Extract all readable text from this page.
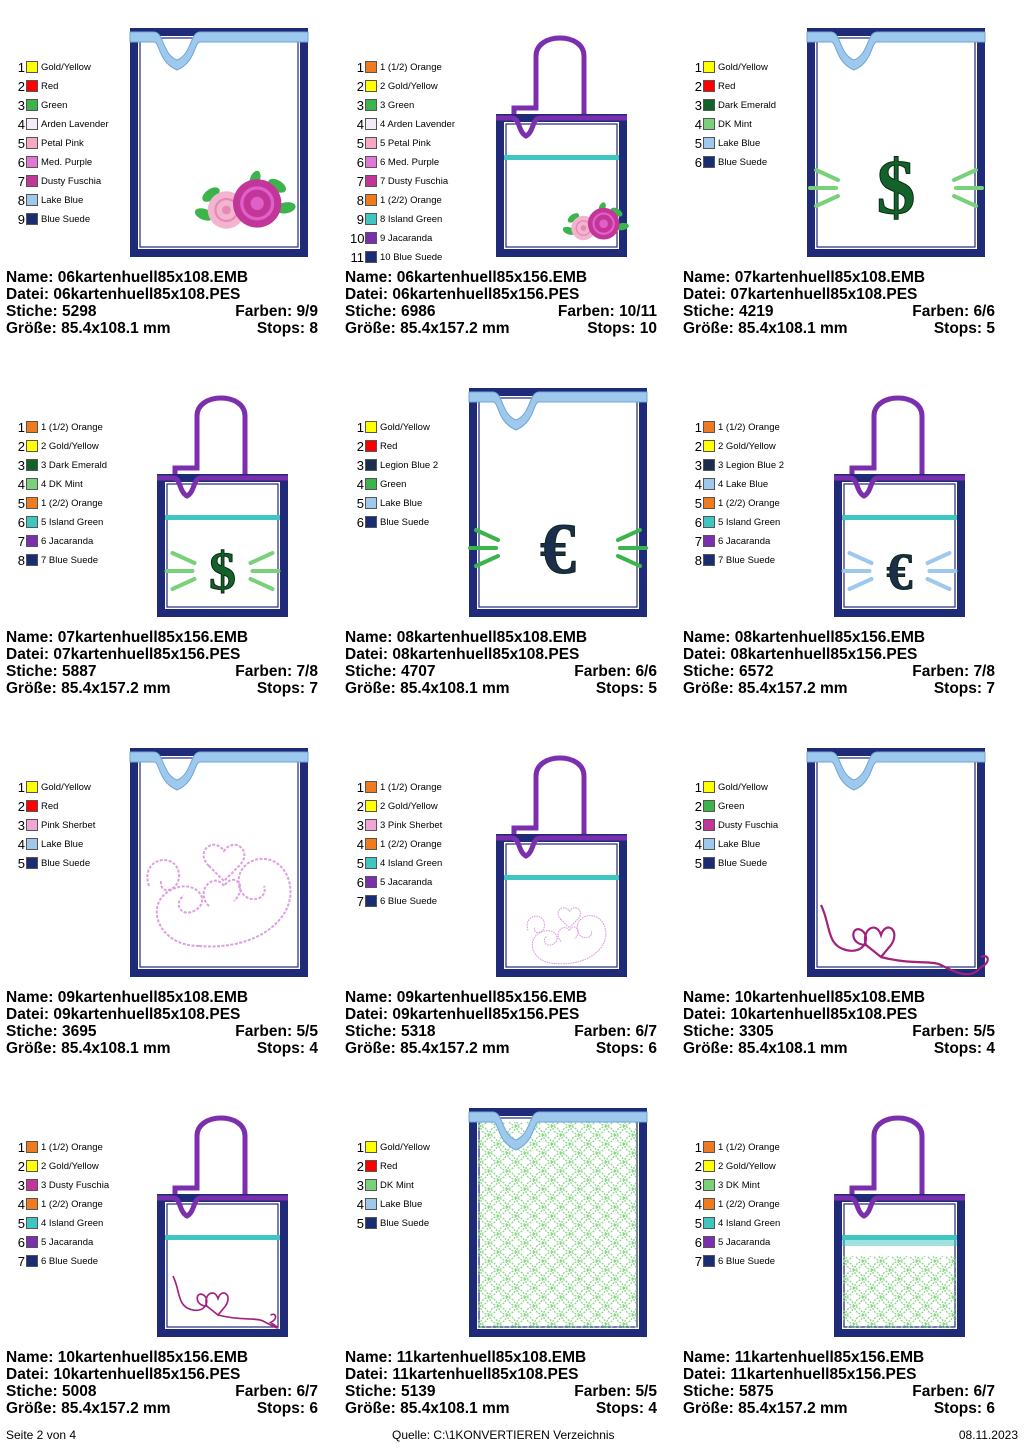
1 Gold/Yellow
2 Red
3 Green
4 Arden Lavender
5 Petal Pink
6 Med. Purple
7 Dusty Fuschia
8 Lake Blue
9 Blue Suede
Name: 06kartenhuell85x108.EMB
Datei: 06kartenhuell85x108.PES
Stiche: 5298	Farben: 9/9
Größe: 85.4x108.1 mm	Stops: 8
1 1 (1/2) Orange
2 2 Gold/Yellow
3 3 Green
4 4 Arden Lavender
5 5 Petal Pink
6 6 Med. Purple
7 7 Dusty Fuschia
8 1 (2/2) Orange
9 8 Island Green
10 9 Jacaranda
11 10 Blue Suede
Name: 06kartenhuell85x156.EMB
Datei: 06kartenhuell85x156.PES
Stiche: 6986	Farben: 10/11
Größe: 85.4x157.2 mm	Stops: 10
$
1 Gold/Yellow
2 Red
3 Dark Emerald
4 DK Mint
5 Lake Blue
6 Blue Suede
Name: 07kartenhuell85x108.EMB
Datei: 07kartenhuell85x108.PES
Stiche: 4219	Farben: 6/6
Größe: 85.4x108.1 mm	Stops: 5
$
1 1 (1/2) Orange
2 2 Gold/Yellow
3 3 Dark Emerald
4 4 DK Mint
5 1 (2/2) Orange
6 5 Island Green
7 6 Jacaranda
8 7 Blue Suede
Name: 07kartenhuell85x156.EMB
Datei: 07kartenhuell85x156.PES
Stiche: 5887	Farben: 7/8
Größe: 85.4x157.2 mm	Stops: 7
€
1 Gold/Yellow
2 Red
3 Legion Blue 2
4 Green
5 Lake Blue
6 Blue Suede
Name: 08kartenhuell85x108.EMB
Datei: 08kartenhuell85x108.PES
Stiche: 4707	Farben: 6/6
Größe: 85.4x108.1 mm	Stops: 5
€
1 1 (1/2) Orange
2 2 Gold/Yellow
3 3 Legion Blue 2
4 4 Lake Blue
5 1 (2/2) Orange
6 5 Island Green
7 6 Jacaranda
8 7 Blue Suede
Name: 08kartenhuell85x156.EMB
Datei: 08kartenhuell85x156.PES
Stiche: 6572	Farben: 7/8
Größe: 85.4x157.2 mm	Stops: 7
1 Gold/Yellow
2 Red
3 Pink Sherbet
4 Lake Blue
5 Blue Suede
Name: 09kartenhuell85x108.EMB
Datei: 09kartenhuell85x108.PES
Stiche: 3695	Farben: 5/5
Größe: 85.4x108.1 mm	Stops: 4
1 1 (1/2) Orange
2 2 Gold/Yellow
3 3 Pink Sherbet
4 1 (2/2) Orange
5 4 Island Green
6 5 Jacaranda
7 6 Blue Suede
Name: 09kartenhuell85x156.EMB
Datei: 09kartenhuell85x156.PES
Stiche: 5318	Farben: 6/7
Größe: 85.4x157.2 mm	Stops: 6
1 Gold/Yellow
2 Green
3 Dusty Fuschia
4 Lake Blue
5 Blue Suede
Name: 10kartenhuell85x108.EMB
Datei: 10kartenhuell85x108.PES
Stiche: 3305	Farben: 5/5
Größe: 85.4x108.1 mm	Stops: 4
1 1 (1/2) Orange
2 2 Gold/Yellow
3 3 Dusty Fuschia
4 1 (2/2) Orange
5 4 Island Green
6 5 Jacaranda
7 6 Blue Suede
Name: 10kartenhuell85x156.EMB
Datei: 10kartenhuell85x156.PES
Stiche: 5008	Farben: 6/7
Größe: 85.4x157.2 mm	Stops: 6
1 Gold/Yellow
2 Red
3 DK Mint
4 Lake Blue
5 Blue Suede
Name: 11kartenhuell85x108.EMB
Datei: 11kartenhuell85x108.PES
Stiche: 5139	Farben: 5/5
Größe: 85.4x108.1 mm	Stops: 4
1 1 (1/2) Orange
2 2 Gold/Yellow
3 3 DK Mint
4 1 (2/2) Orange
5 4 Island Green
6 5 Jacaranda
7 6 Blue Suede
Name: 11kartenhuell85x156.EMB
Datei: 11kartenhuell85x156.PES
Stiche: 5875	Farben: 6/7
Größe: 85.4x157.2 mm	Stops: 6
Seite 2 von 4	Quelle: C:\1KONVERTIEREN Verzeichnis	08.11.2023
